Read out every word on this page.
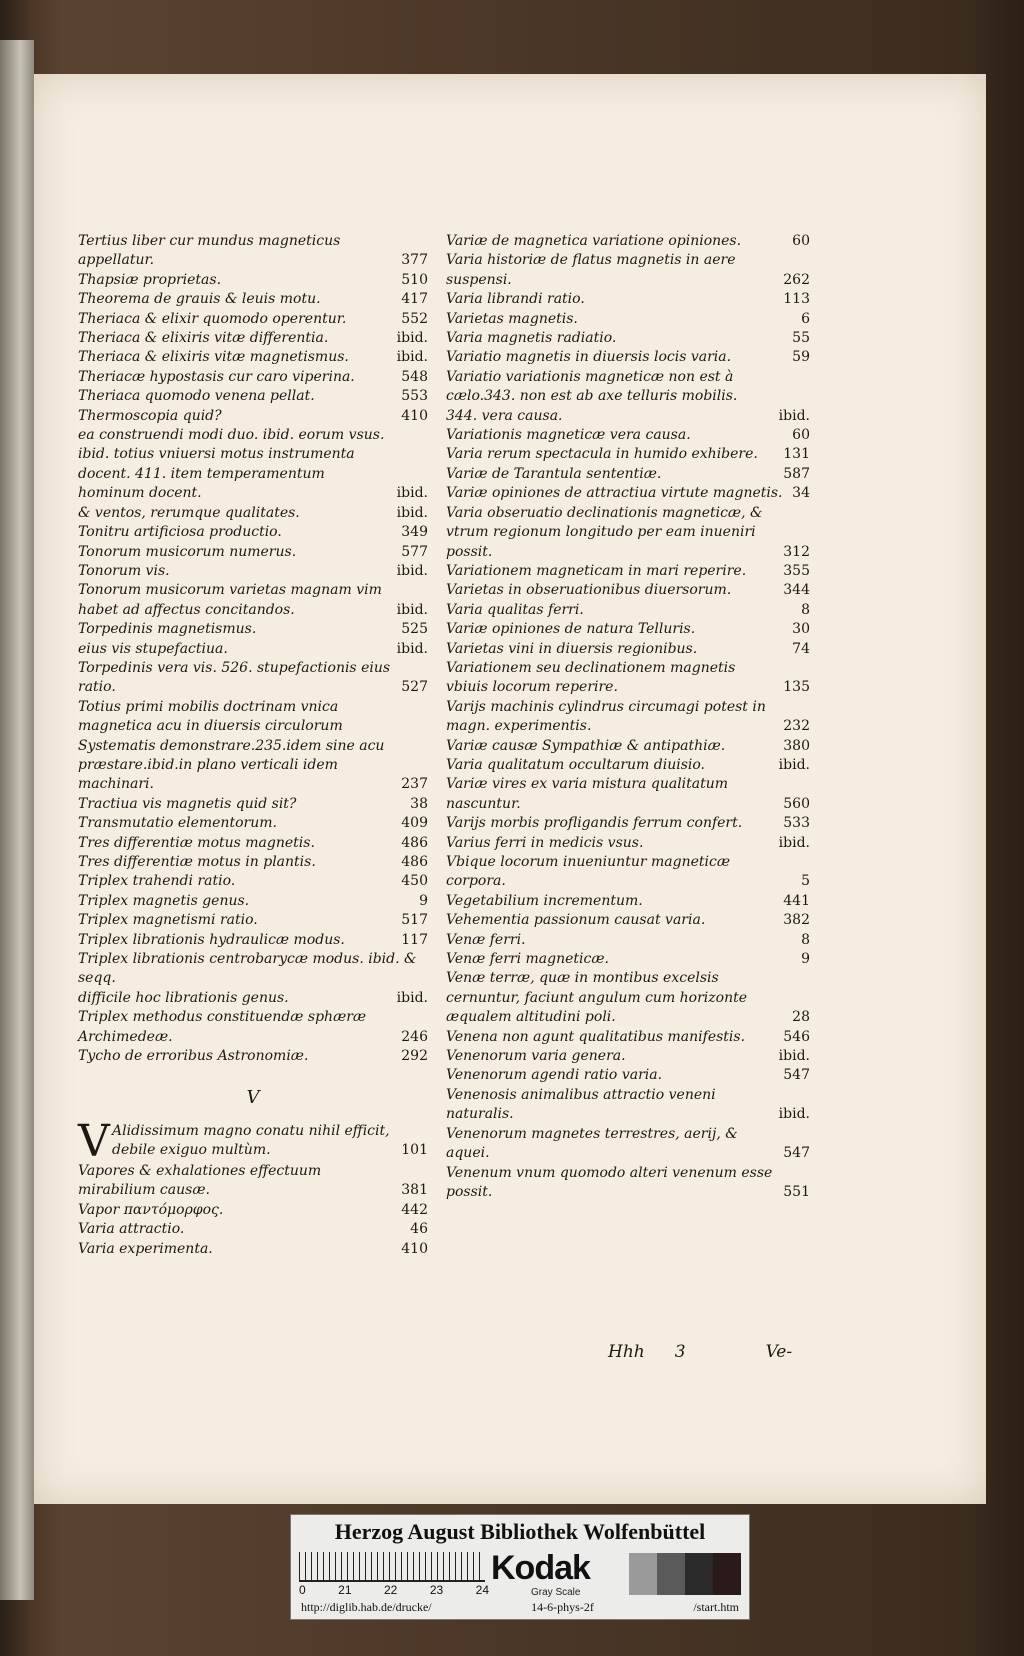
Tertius liber cur mundus magneticus appellatur.	377
Thapsiæ proprietas.	510
Theorema de grauis & leuis motu.	417
Theriaca & elixir quomodo operentur.	552
Theriaca & elixiris vitæ differentia.	ibid.
Theriaca & elixiris vitæ magnetismus.	ibid.
Theriacæ hypostasis cur caro viperina.	548
Theriaca quomodo venena pellat.	553
Thermoscopia quid?	410
ea construendi modi duo. ibid. eorum vsus. ibid. totius vniuersi motus instrumenta docent. 411. item temperamentum hominum docent.	ibid.
& ventos, rerumque qualitates.	ibid.
Tonitru artificiosa productio.	349
Tonorum musicorum numerus.	577
Tonorum vis.	ibid.
Tonorum musicorum varietas magnam vim habet ad affectus concitandos.	ibid.
Torpedinis magnetismus.	525
eius vis stupefactiua.	ibid.
Torpedinis vera vis. 526. stupefactionis eius ratio.	527
Totius primi mobilis doctrinam vnica magnetica acu in diuersis circulorum Systematis demonstrare.235.idem sine acu præstare.ibid.in plano verticali idem machinari.	237
Tractiua vis magnetis quid sit?	38
Transmutatio elementorum.	409
Tres differentiæ motus magnetis.	486
Tres differentiæ motus in plantis.	486
Triplex trahendi ratio.	450
Triplex magnetis genus.	9
Triplex magnetismi ratio.	517
Triplex librationis hydraulicæ modus.	117
Triplex librationis centrobarycæ modus. ibid. & seqq.
difficile hoc librationis genus.	ibid.
Triplex methodus constituendæ sphæræ Archimedeæ.	246
Tycho de erroribus Astronomiæ.	292
V
V Alidissimum magno conatu nihil efficit, debile exiguo multùm.	101
Vapores & exhalationes effectuum mirabilium causæ.	381
Vapor παντόμορφος.	442
Varia attractio.	46
Varia experimenta.	410
Variæ de magnetica variatione opiniones.	60
Varia historiæ de flatus magnetis in aere suspensi.	262
Varia librandi ratio.	113
Varietas magnetis.	6
Varia magnetis radiatio.	55
Variatio magnetis in diuersis locis varia.	59
Variatio variationis magneticæ non est à cælo.343. non est ab axe telluris mobilis. 344. vera causa.	ibid.
Variationis magneticæ vera causa.	60
Varia rerum spectacula in humido exhibere.	131
Variæ de Tarantula sententiæ.	587
Variæ opiniones de attractiua virtute magnetis. 34
Varia obseruatio declinationis magneticæ, & vtrum regionum longitudo per eam inueniri possit.	312
Variationem magneticam in mari reperire.	355
Varietas in obseruationibus diuersorum.	344
Varia qualitas ferri.	8
Variæ opiniones de natura Telluris.	30
Varietas vini in diuersis regionibus.	74
Variationem seu declinationem magnetis vbiuis locorum reperire.	135
Varijs machinis cylindrus circumagi potest in magn. experimentis.	232
Variæ causæ Sympathiæ & antipathiæ.	380
Varia qualitatum occultarum diuisio.	ibid.
Variæ vires ex varia mistura qualitatum nascuntur.	560
Varijs morbis profligandis ferrum confert.	533
Varius ferri in medicis vsus.	ibid.
Vbique locorum inueniuntur magneticæ corpora.	5
Vegetabilium incrementum.	441
Vehementia passionum causat varia.	382
Venæ ferri.	8
Venæ ferri magneticæ.	9
Venæ terræ, quæ in montibus excelsis cernuntur, faciunt angulum cum horizonte æqualem altitudini poli.	28
Venena non agunt qualitatibus manifestis.	546
Venenorum varia genera.	ibid.
Venenorum agendi ratio varia.	547
Venenosis animalibus attractio veneni naturalis.	ibid.
Venenorum magnetes terrestres, aerij, & aquei.	547
Venenum vnum quomodo alteri venenum esse possit.	551
Hhh 3	Ve-
Herzog August Bibliothek Wolfenbüttel
0	21	22	23	24
Kodak
Gray Scale
http://diglib.hab.de/drucke/	14-6-phys-2f	/start.htm
